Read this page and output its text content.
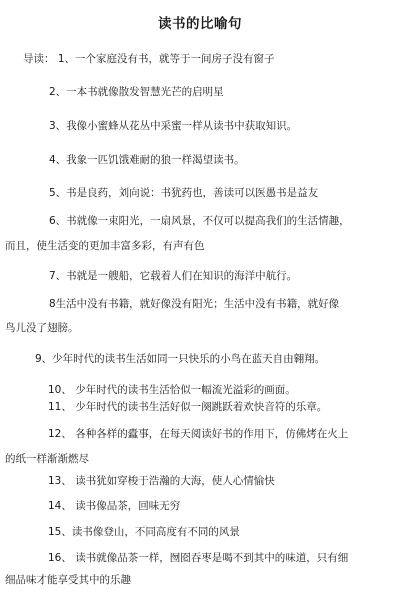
读书的比喻句
导读： 1、一个家庭没有书，就等于一间房子没有窗子
2、一本书就像散发智慧光芒的启明星
3、我像小蜜蜂从花丛中采蜜一样从读书中获取知识。
4、我象一匹饥饿难耐的狼一样渴望读书。
5、书是良药，刘向说：书犹药也，善读可以医愚书是益友
6、书就像一束阳光，一扇风景，不仅可以提高我们的生活情趣，
而且，使生活变的更加丰富多彩，有声有色
7、书就是一艘船，它载着人们在知识的海洋中航行。
8生活中没有书籍，就好像没有阳光；生活中没有书籍，就好像
鸟儿没了翅膀。
9、少年时代的读书生活如同一只快乐的小鸟在蓝天自由翱翔。
10、 少年时代的读书生活恰似一幅流光溢彩的画面。
11、 少年时代的读书生活好似一阕跳跃着欢快音符的乐章。
12、 各种各样的蠹事，在每天阅读好书的作用下，仿佛烤在火上
的纸一样渐渐燃尽
13、 读书犹如穿梭于浩瀚的大海，使人心情愉快
14、 读书像品茶，回味无穷
15、读书像登山，不同高度有不同的风景
16、 读书就像品茶一样，囫囵吞枣是喝不到其中的味道，只有细
细品味才能享受其中的乐趣
